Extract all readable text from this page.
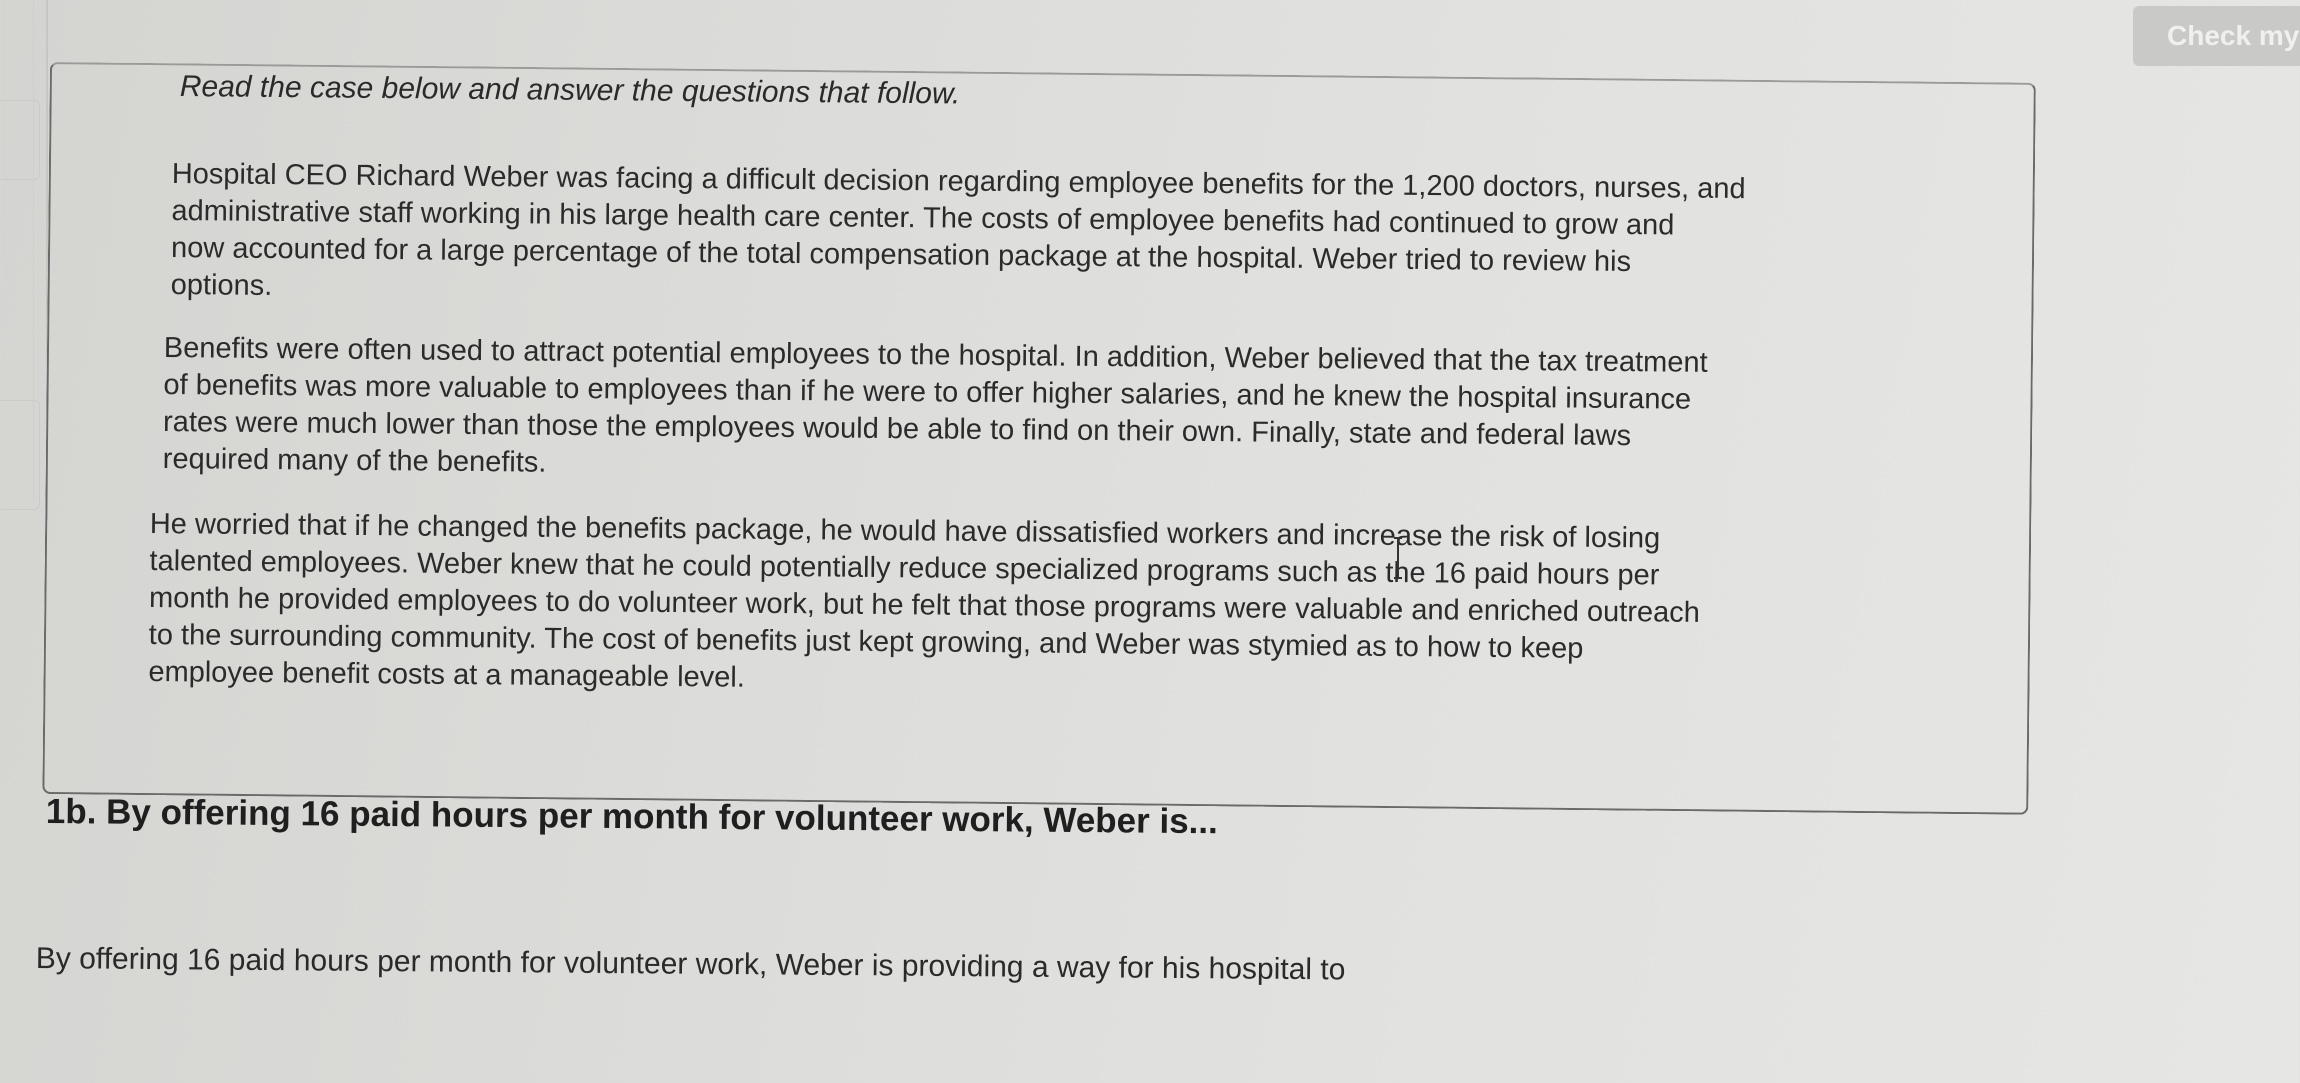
Check my
Read the case below and answer the questions that follow.
Hospital CEO Richard Weber was facing a difficult decision regarding employee benefits for the 1,200 doctors, nurses, and
administrative staff working in his large health care center. The costs of employee benefits had continued to grow and
now accounted for a large percentage of the total compensation package at the hospital. Weber tried to review his
options.
Benefits were often used to attract potential employees to the hospital. In addition, Weber believed that the tax treatment
of benefits was more valuable to employees than if he were to offer higher salaries, and he knew the hospital insurance
rates were much lower than those the employees would be able to find on their own. Finally, state and federal laws
required many of the benefits.
He worried that if he changed the benefits package, he would have dissatisfied workers and increase the risk of losing
talented employees. Weber knew that he could potentially reduce specialized programs such as the 16 paid hours per
month he provided employees to do volunteer work, but he felt that those programs were valuable and enriched outreach
to the surrounding community. The cost of benefits just kept growing, and Weber was stymied as to how to keep
employee benefit costs at a manageable level.
1b. By offering 16 paid hours per month for volunteer work, Weber is...
By offering 16 paid hours per month for volunteer work, Weber is providing a way for his hospital to
